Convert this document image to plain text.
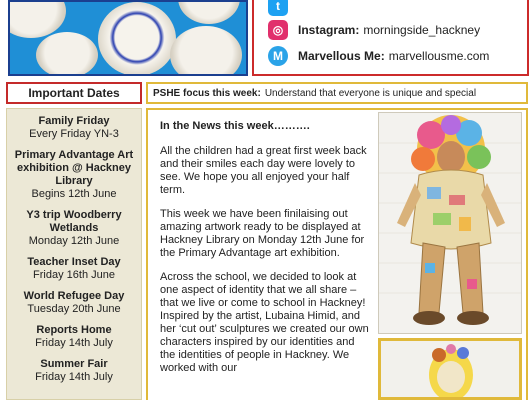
t
◎	Instagram: morningside_hackney
M	Marvellous Me: marvellousme.com
Important Dates
Family Friday
Every Friday YN-3
Primary Advantage Art exhibition @ Hackney Library
Begins 12th June
Y3 trip Woodberry Wetlands
Monday 12th June
Teacher Inset Day
Friday 16th June
World Refugee Day
Tuesday 20th June
Reports Home
Friday 14th July
Summer Fair
Friday 14th July
PSHE focus this week: Understand that everyone is unique and special
In the News this week……….

All the children had a great first week back and their smiles each day were lovely to see. We hope you all enjoyed your half term.

This week we have been finilaising out amazing artwork ready to be displayed at Hackney Library on Monday 12th June for the Primary Advantage art exhibition.

Across the school, we decided to look at one aspect of identity that we all share – that we live or come to school in Hackney! Inspired by the artist, Lubaina Himid, and her ‘cut out’ sculptures we created our own characters inspired by our identities and the identities of people in Hackney. We worked with our
